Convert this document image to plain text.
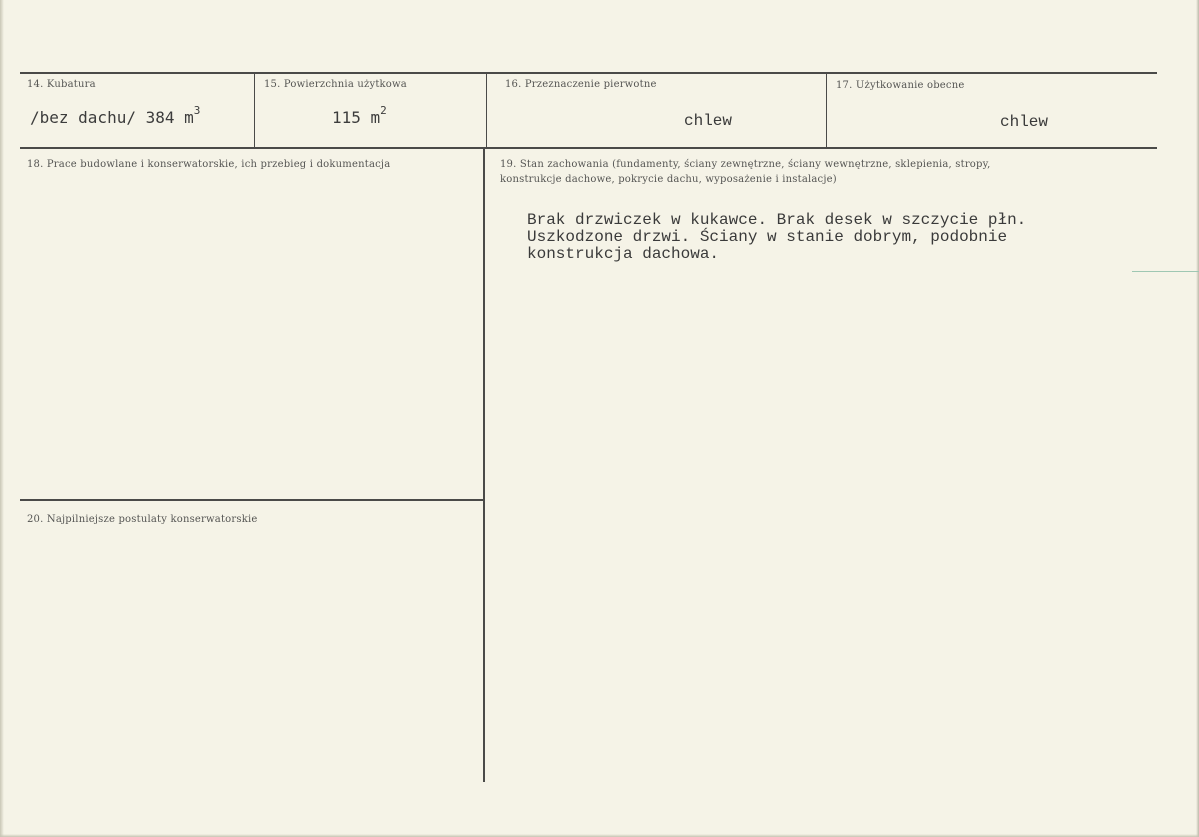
14. Kubatura
/bez dachu/ 384 $m^3$
15. Powierzchnia użytkowa
115 $m^2$
16. Przeznaczenie pierwotne
chlew
17. Użytkowanie obecne
chlew
18. Prace budowlane i konserwatorskie, ich przebieg i dokumentacja	19. Stan zachowania (fundamenty, ściany zewnętrzne, ściany wewnętrzne, sklepienia, stropy,
konstrukcje dachowe, pokrycie dachu, wyposażenie i instalacje)
Brak drzwiczek w kukawce. Brak desek w szczycie płn.
Uszkodzone drzwi. Ściany w stanie dobrym, podobnie
konstrukcja dachowa.
20. Najpilniejsze postulaty konserwatorskie
